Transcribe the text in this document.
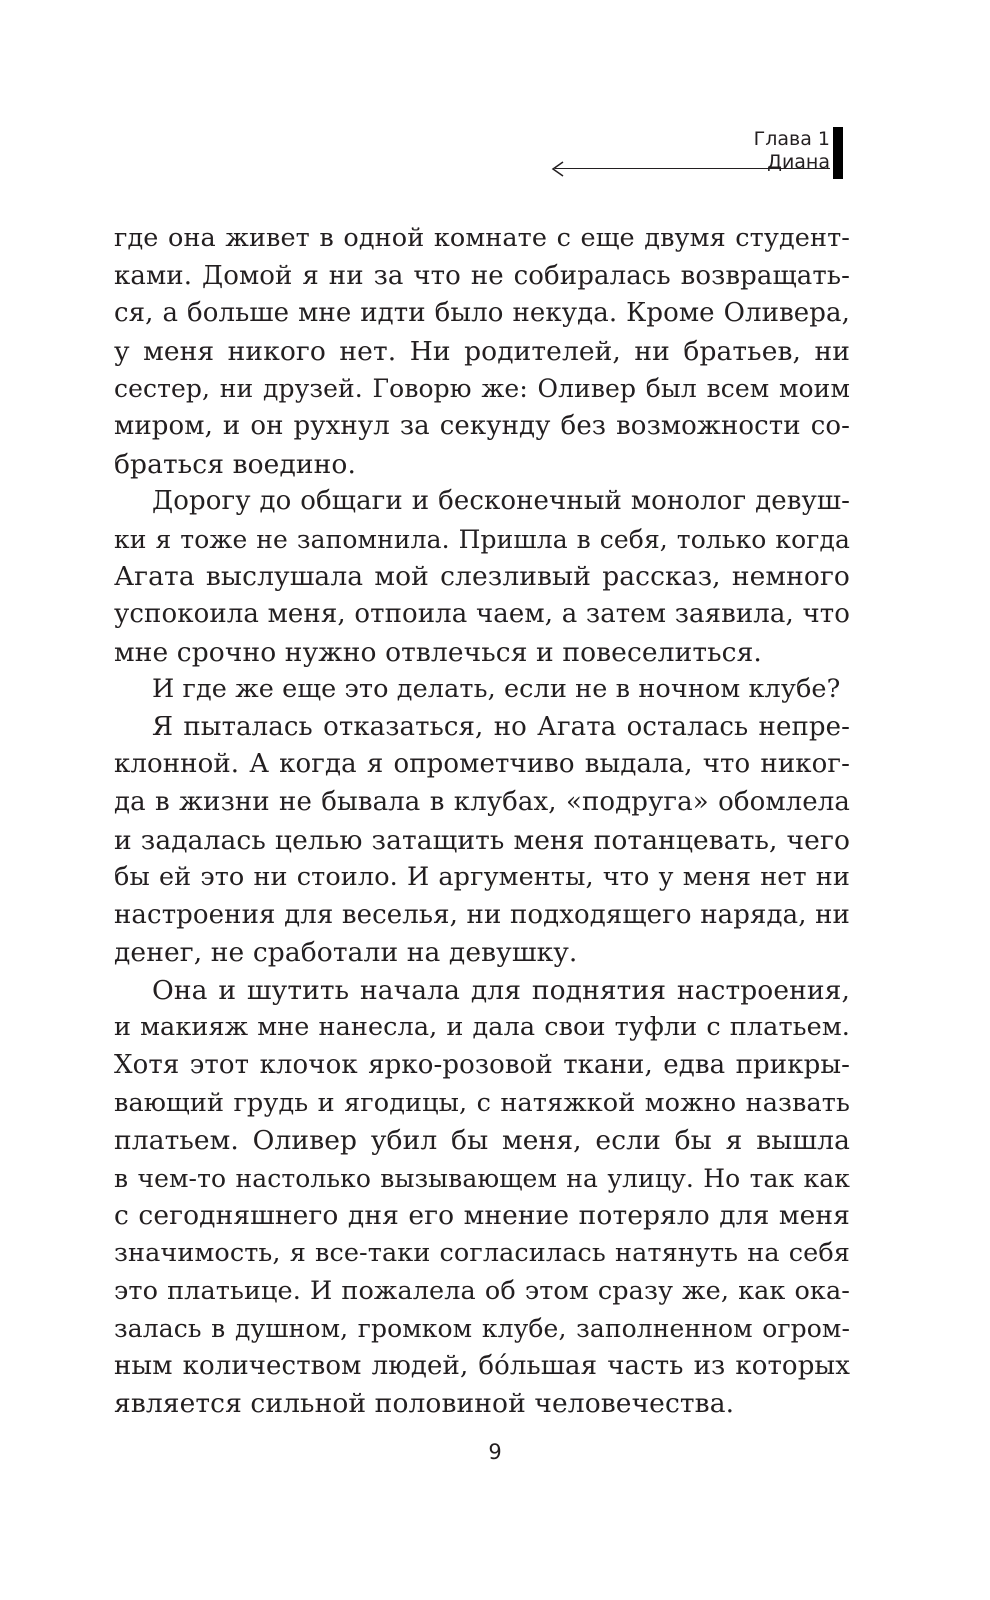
Глава 1
Диана
где она живет в одной комнате с еще двумя студент-
ками. Домой я ни за что не собиралась возвращать-
ся, а больше мне идти было некуда. Кроме Оливера,
у меня никого нет. Ни родителей, ни братьев, ни
сестер, ни друзей. Говорю же: Оливер был всем моим
миром, и он рухнул за секунду без возможности со-
браться воедино.
Дорогу до общаги и бесконечный монолог девуш-
ки я тоже не запомнила. Пришла в себя, только когда
Агата выслушала мой слезливый рассказ, немного
успокоила меня, отпоила чаем, а затем заявила, что
мне срочно нужно отвлечься и повеселиться.
И где же еще это делать, если не в ночном клубе?
Я пыталась отказаться, но Агата осталась непре-
клонной. А когда я опрометчиво выдала, что никог-
да в жизни не бывала в клубах, «подруга» обомлела
и задалась целью затащить меня потанцевать, чего
бы ей это ни стоило. И аргументы, что у меня нет ни
настроения для веселья, ни подходящего наряда, ни
денег, не сработали на девушку.
Она и шутить начала для поднятия настроения,
и макияж мне нанесла, и дала свои туфли с платьем.
Хотя этот клочок ярко-розовой ткани, едва прикры-
вающий грудь и ягодицы, с натяжкой можно назвать
платьем. Оливер убил бы меня, если бы я вышла
в чем-то настолько вызывающем на улицу. Но так как
с сегодняшнего дня его мнение потеряло для меня
значимость, я все-таки согласилась натянуть на себя
это платьице. И пожалела об этом сразу же, как ока-
залась в душном, громком клубе, заполненном огром-
ным количеством людей, бóльшая часть из которых
является сильной половиной человечества.
9
